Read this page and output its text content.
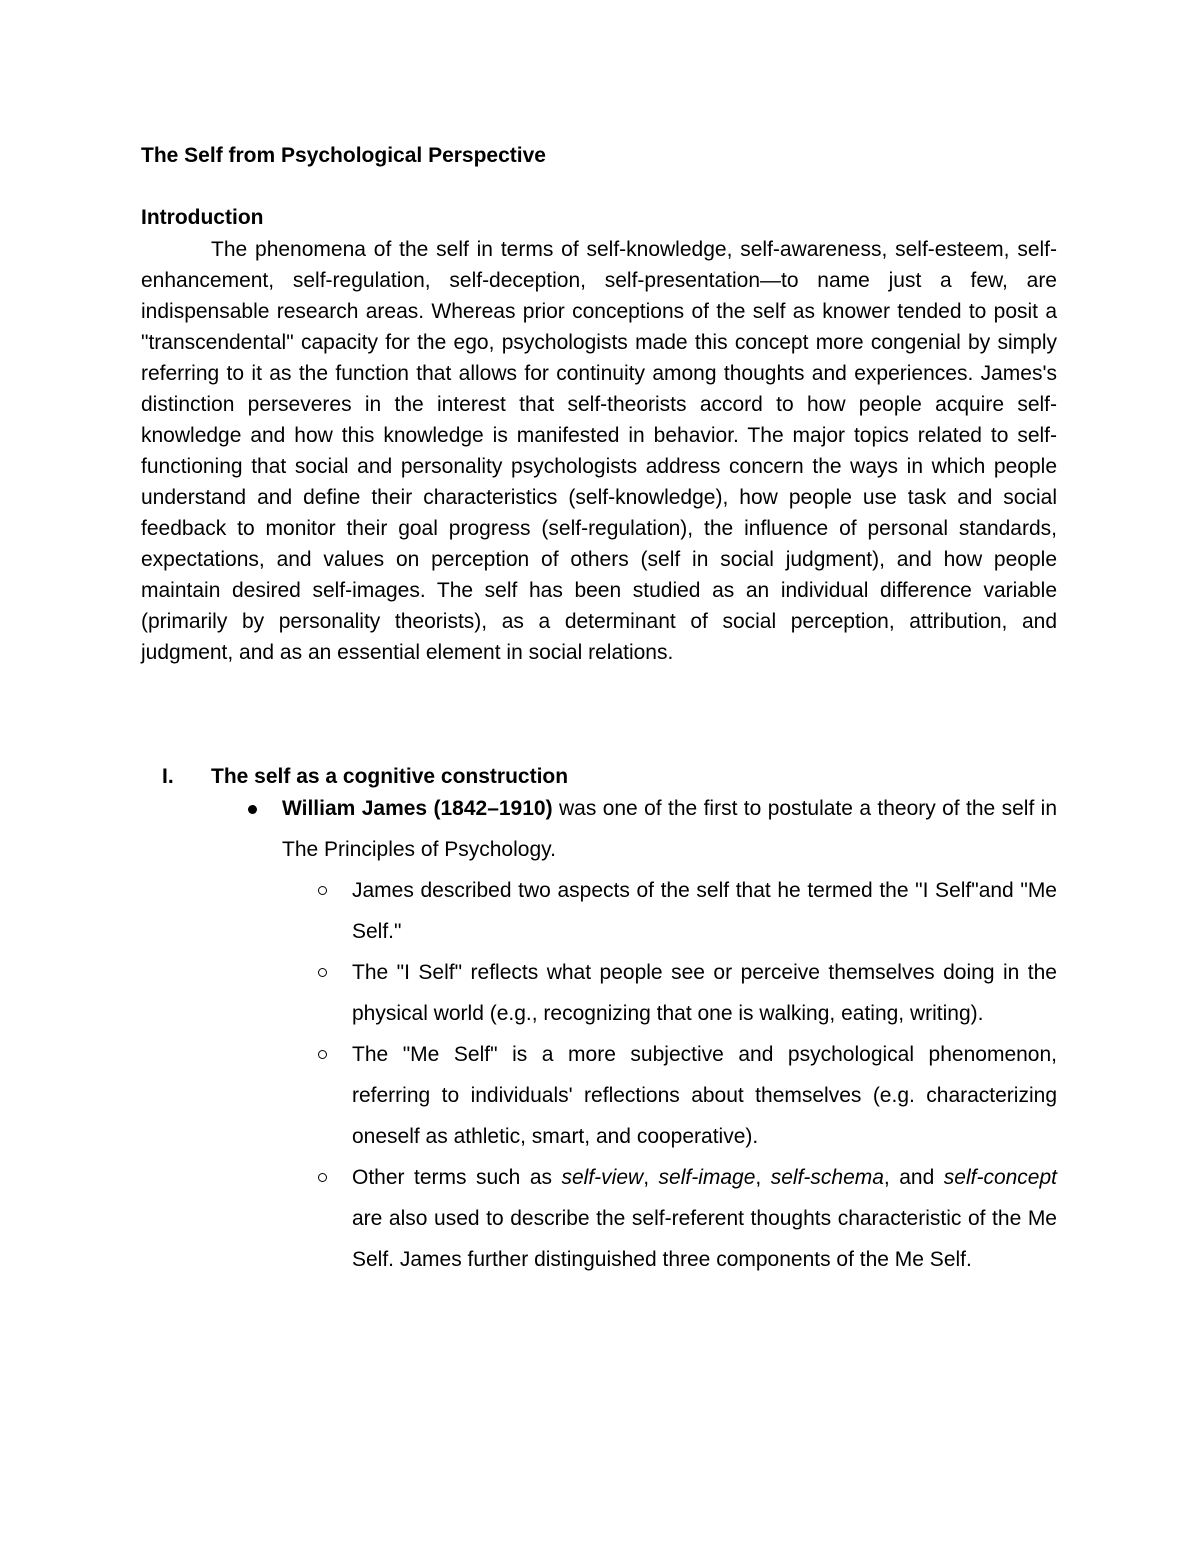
The Self from Psychological Perspective
Introduction

The phenomena of the self in terms of self-knowledge, self-awareness, self-esteem, self-enhancement, self-regulation, self-deception, self-presentation—to name just a few, are indispensable research areas. Whereas prior conceptions of the self as knower tended to posit a "transcendental" capacity for the ego, psychologists made this concept more congenial by simply referring to it as the function that allows for continuity among thoughts and experiences. James's distinction perseveres in the interest that self-theorists accord to how people acquire self-knowledge and how this knowledge is manifested in behavior. The major topics related to self-functioning that social and personality psychologists address concern the ways in which people understand and define their characteristics (self-knowledge), how people use task and social feedback to monitor their goal progress (self-regulation), the influence of personal standards, expectations, and values on perception of others (self in social judgment), and how people maintain desired self-images. The self has been studied as an individual difference variable (primarily by personality theorists), as a determinant of social perception, attribution, and judgment, and as an essential element in social relations.

I.	The self as a cognitive construction
William James (1842–1910) was one of the first to postulate a theory of the self in The Principles of Psychology.
James described two aspects of the self that he termed the "I Self"and "Me Self."
The "I Self" reflects what people see or perceive themselves doing in the physical world (e.g., recognizing that one is walking, eating, writing).
The "Me Self" is a more subjective and psychological phenomenon, referring to individuals' reflections about themselves (e.g. characterizing oneself as athletic, smart, and cooperative).
Other terms such as self-view, self-image, self-schema, and self-concept are also used to describe the self-referent thoughts characteristic of the Me Self. James further distinguished three components of the Me Self.
